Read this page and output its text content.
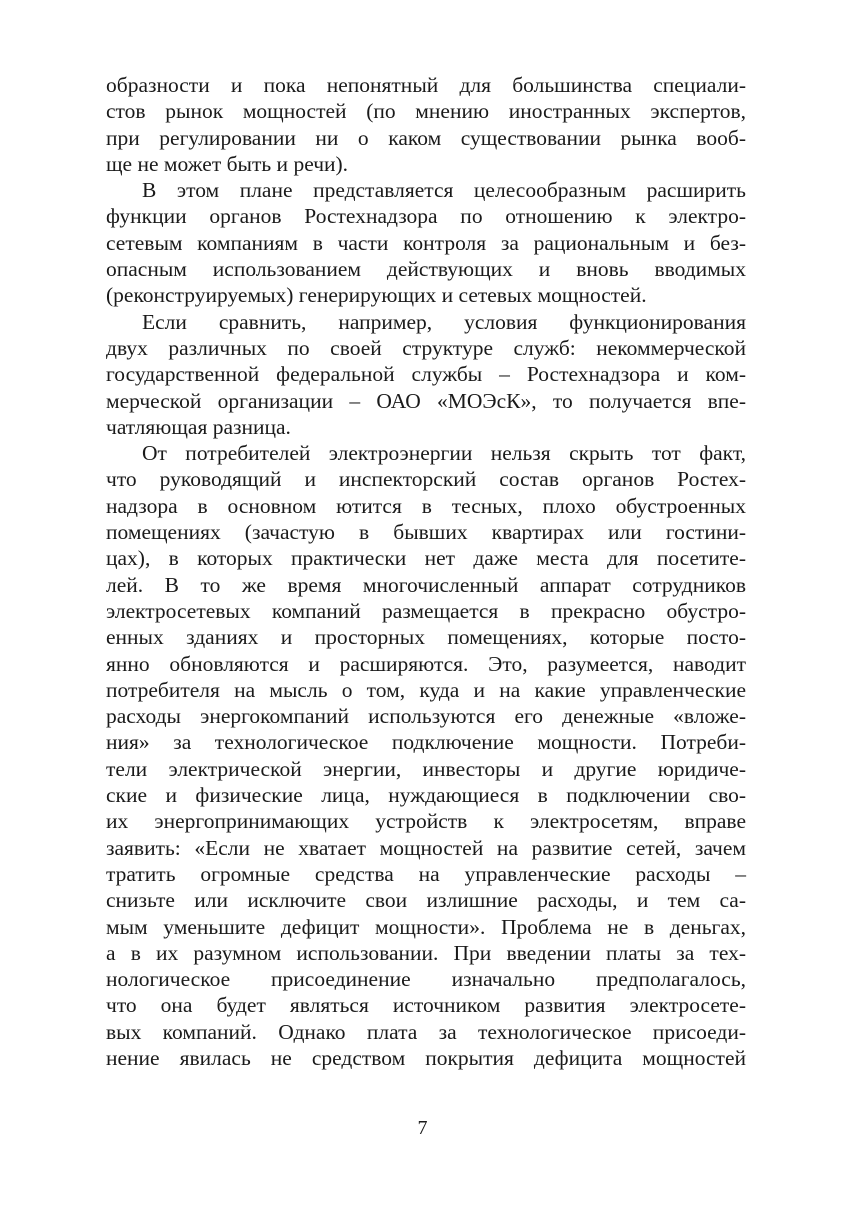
образности и пока непонятный для большинства специали-
стов рынок мощностей (по мнению иностранных экспертов,
при регулировании ни о каком существовании рынка вооб-
ще не может быть и речи).
В этом плане представляется целесообразным расширить
функции органов Ростехнадзора по отношению к электро-
сетевым компаниям в части контроля за рациональным и без-
опасным использованием действующих и вновь вводимых
(реконструируемых) генерирующих и сетевых мощностей.
Если сравнить, например, условия функционирования
двух различных по своей структуре служб: некоммерческой
государственной федеральной службы – Ростехнадзора и ком-
мерческой организации – ОАО «МОЭсК», то получается впе-
чатляющая разница.
От потребителей электроэнергии нельзя скрыть тот факт,
что руководящий и инспекторский состав органов Ростех-
надзора в основном ютится в тесных, плохо обустроенных
помещениях (зачастую в бывших квартирах или гостини-
цах), в которых практически нет даже места для посетите-
лей. В то же время многочисленный аппарат сотрудников
электросетевых компаний размещается в прекрасно обустро-
енных зданиях и просторных помещениях, которые посто-
янно обновляются и расширяются. Это, разумеется, наводит
потребителя на мысль о том, куда и на какие управленческие
расходы энергокомпаний используются его денежные «вложе-
ния» за технологическое подключение мощности. Потреби-
тели электрической энергии, инвесторы и другие юридиче-
ские и физические лица, нуждающиеся в подключении сво-
их энергопринимающих устройств к электросетям, вправе
заявить: «Если не хватает мощностей на развитие сетей, зачем
тратить огромные средства на управленческие расходы –
снизьте или исключите свои излишние расходы, и тем са-
мым уменьшите дефицит мощности». Проблема не в деньгах,
а в их разумном использовании. При введении платы за тех-
нологическое присоединение изначально предполагалось,
что она будет являться источником развития электросете-
вых компаний. Однако плата за технологическое присоеди-
нение явилась не средством покрытия дефицита мощностей
7
